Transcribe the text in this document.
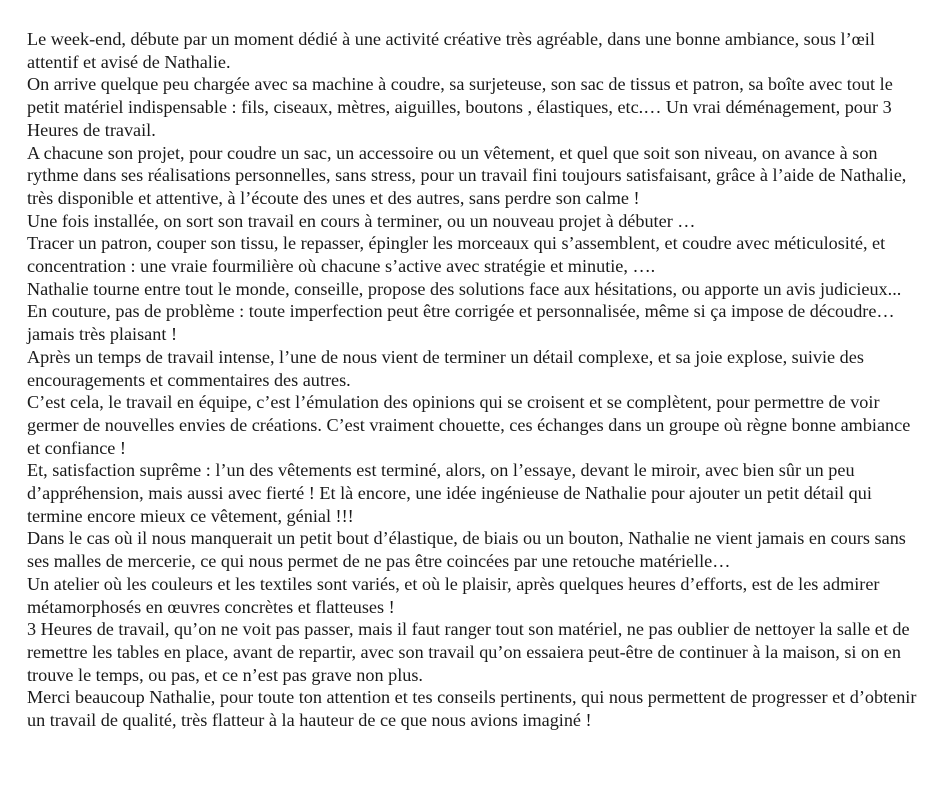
Le week-end, débute par un moment dédié à une activité créative très agréable, dans une bonne ambiance, sous l’œil attentif et avisé de Nathalie.

On arrive quelque peu chargée avec sa machine à coudre, sa surjeteuse, son sac de tissus et patron, sa boîte avec tout le petit matériel indispensable : fils, ciseaux, mètres, aiguilles, boutons , élastiques, etc.… Un vrai déménagement, pour 3 Heures de travail.

A chacune son projet, pour coudre un sac, un accessoire ou un vêtement, et quel que soit son niveau, on avance à son rythme dans ses réalisations personnelles, sans stress, pour un travail fini toujours satisfaisant, grâce à l’aide de Nathalie, très disponible et attentive, à l’écoute des unes et des autres, sans perdre son calme !

Une fois installée, on sort son travail en cours à terminer, ou un nouveau projet à débuter …

Tracer un patron, couper son tissu, le repasser, épingler les morceaux qui s’assemblent, et coudre avec méticulosité, et concentration : une vraie fourmilière où chacune s’active avec stratégie et minutie, ….

Nathalie tourne entre tout le monde, conseille, propose des solutions face aux hésitations, ou apporte un avis judicieux...

En couture, pas de problème : toute imperfection peut être corrigée et personnalisée, même si ça impose de découdre… jamais très plaisant !

Après un temps de travail intense, l’une de nous vient de terminer un détail complexe, et sa joie explose, suivie des encouragements et commentaires des autres.

C’est cela, le travail en équipe, c’est l’émulation des opinions qui se croisent et se complètent, pour permettre de voir germer de nouvelles envies de créations. C’est vraiment chouette, ces échanges dans un groupe où règne bonne ambiance et confiance !

Et, satisfaction suprême : l’un des vêtements est terminé, alors, on l’essaye, devant le miroir, avec bien sûr un peu d’appréhension, mais aussi avec fierté ! Et là encore, une idée ingénieuse de Nathalie pour ajouter un petit détail qui termine encore mieux ce vêtement, génial !!!

Dans le cas où il nous manquerait un petit bout d’élastique, de biais ou un bouton, Nathalie ne vient jamais en cours sans ses malles de mercerie, ce qui nous permet de ne pas être coincées par une retouche matérielle…

Un atelier où les couleurs et les textiles sont variés, et où le plaisir, après quelques heures d’efforts, est de les admirer métamorphosés en œuvres concrètes et flatteuses !

3 Heures de travail, qu’on ne voit pas passer, mais il faut ranger tout son matériel, ne pas oublier de nettoyer la salle et de remettre les tables en place, avant de repartir, avec son travail qu’on essaiera peut-être de continuer à la maison, si on en trouve le temps, ou pas, et ce n’est pas grave non plus.

Merci beaucoup Nathalie, pour toute ton attention et tes conseils pertinents, qui nous permettent de progresser et d’obtenir un travail de qualité, très flatteur à la hauteur de ce que nous avions imaginé !
